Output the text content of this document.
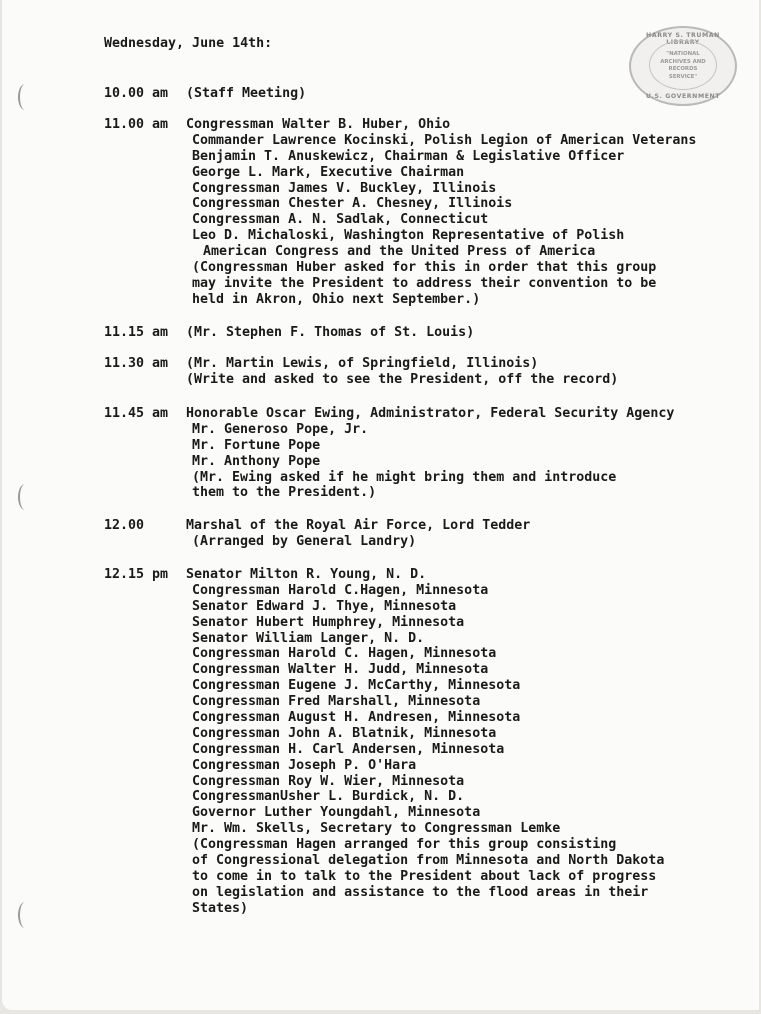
HARRY S. TRUMAN LIBRARY
"NATIONAL
ARCHIVES AND
RECORDS
SERVICE"
U.S. GOVERNMENT
Wednesday, June 14th:
10.00 am	(Staff Meeting)
11.00 am	Congressman Walter B. Huber, Ohio
Commander Lawrence Kocinski, Polish Legion of American Veterans
Benjamin T. Anuskewicz, Chairman & Legislative Officer
George L. Mark, Executive Chairman
Congressman James V. Buckley, Illinois
Congressman Chester A. Chesney, Illinois
Congressman A. N. Sadlak, Connecticut
Leo D. Michaloski, Washington Representative of Polish
American Congress and the United Press of America
(Congressman Huber asked for this in order that this group
may invite the President to address their convention to be
held in Akron, Ohio next September.)
11.15 am	(Mr. Stephen F. Thomas of St. Louis)
11.30 am	(Mr. Martin Lewis, of Springfield, Illinois)
(Write and asked to see the President, off the record)
11.45 am	Honorable Oscar Ewing, Administrator, Federal Security Agency
Mr. Generoso Pope, Jr.
Mr. Fortune Pope
Mr. Anthony Pope
(Mr. Ewing asked if he might bring them and introduce
them to the President.)
12.00	Marshal of the Royal Air Force, Lord Tedder
(Arranged by General Landry)
12.15 pm	Senator Milton R. Young, N. D.
Congressman Harold C.Hagen, Minnesota
Senator Edward J. Thye, Minnesota
Senator Hubert Humphrey, Minnesota
Senator William Langer, N. D.
Congressman Harold C. Hagen, Minnesota
Congressman Walter H. Judd, Minnesota
Congressman Eugene J. McCarthy, Minnesota
Congressman Fred Marshall, Minnesota
Congressman August H. Andresen, Minnesota
Congressman John A. Blatnik, Minnesota
Congressman H. Carl Andersen, Minnesota
Congressman Joseph P. O'Hara
Congressman Roy W. Wier, Minnesota
CongressmanUsher L. Burdick, N. D.
Governor Luther Youngdahl, Minnesota
Mr. Wm. Skells, Secretary to Congressman Lemke
(Congressman Hagen arranged for this group consisting
of Congressional delegation from Minnesota and North Dakota
to come in to talk to the President about lack of progress
on legislation and assistance to the flood areas in their
States)
